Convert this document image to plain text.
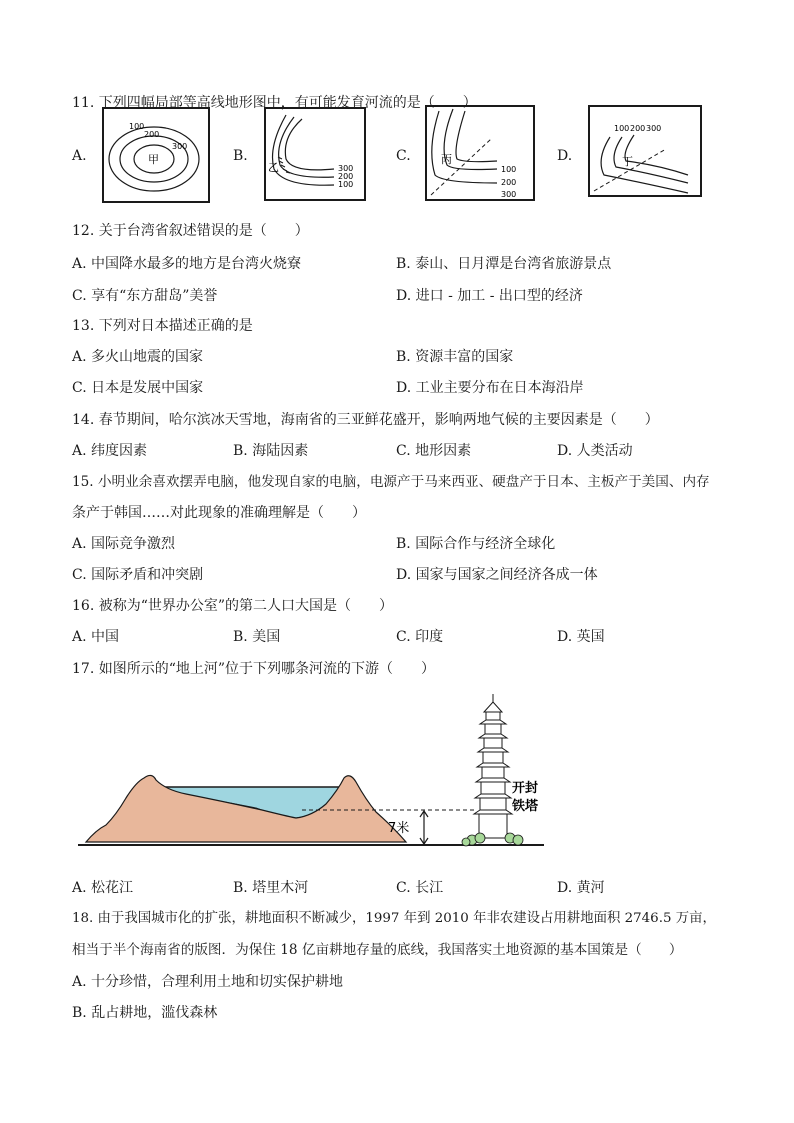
11. 下列四幅局部等高线地形图中，有可能发育河流的是（　　）
A.
100
200
300
甲	B.
300
200
100
乙
C.
100
200
300
丙	D.
100 200 300
丁
12. 关于台湾省叙述错误的是（　　）
A. 中国降水最多的地方是台湾火烧寮	B. 泰山、日月潭是台湾省旅游景点
C. 享有“东方甜岛”美誉	D. 进口 - 加工 - 出口型的经济
13. 下列对日本描述正确的是
A. 多火山地震的国家	B. 资源丰富的国家
C. 日本是发展中国家	D. 工业主要分布在日本海沿岸
14. 春节期间，哈尔滨冰天雪地，海南省的三亚鲜花盛开，影响两地气候的主要因素是（　　）
A. 纬度因素	B. 海陆因素	C. 地形因素	D. 人类活动
15. 小明业余喜欢摆弄电脑，他发现自家的电脑，电源产于马来西亚、硬盘产于日本、主板产于美国、内存
条产于韩国……对此现象的准确理解是（　　）
A. 国际竞争激烈	B. 国际合作与经济全球化
C. 国际矛盾和冲突剧	D. 国家与国家之间经济各成一体
16. 被称为“世界办公室”的第二人口大国是（　　）
A. 中国	B. 美国	C. 印度	D. 英国
17. 如图所示的“地上河”位于下列哪条河流的下游（　　）
7米
开封
铁塔
A. 松花江	B. 塔里木河	C. 长江	D. 黄河
18. 由于我国城市化的扩张，耕地面积不断减少，1997 年到 2010 年非农建设占用耕地面积 2746.5 万亩，
相当于半个海南省的版图．为保住 18 亿亩耕地存量的底线，我国落实土地资源的基本国策是（　　）
A. 十分珍惜，合理利用土地和切实保护耕地
B. 乱占耕地，滥伐森林
